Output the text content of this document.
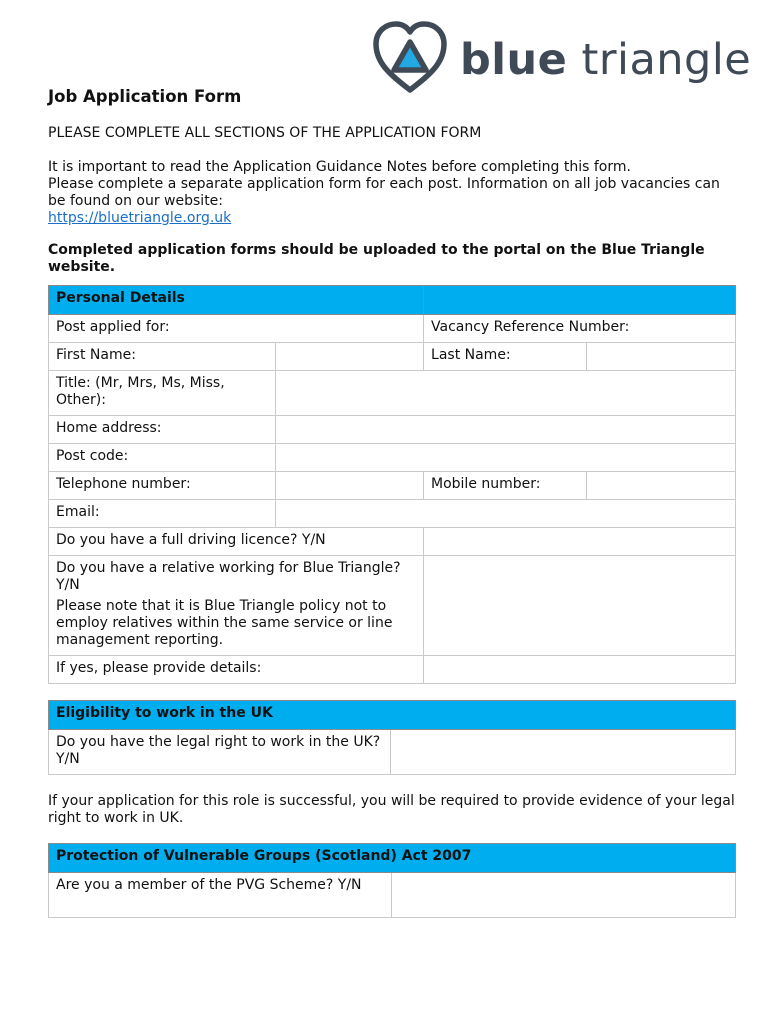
blue triangle
Job Application Form

PLEASE COMPLETE ALL SECTIONS OF THE APPLICATION FORM

It is important to read the Application Guidance Notes before completing this form.
Please complete a separate application form for each post. Information on all job vacancies can be found on our website:
https://bluetriangle.org.uk

Completed application forms should be uploaded to the portal on the Blue Triangle website.

Personal Details			
Post applied for:		Vacancy Reference Number:	
First Name:		Last Name:	
Title: (Mr, Mrs, Ms, Miss, Other):			
Home address:			
Post code:			
Telephone number:		Mobile number:	
Email:			
Do you have a full driving licence? Y/N			

Do you have a relative working for Blue Triangle? Y/N
Please note that it is Blue Triangle policy not to employ relatives within the same service or line management reporting.			

If yes, please provide details:			
Eligibility to work in the UK
Do you have the legal right to work in the UK? Y/N	

If your application for this role is successful, you will be required to provide evidence of your legal right to work in UK.

Protection of Vulnerable Groups (Scotland) Act 2007
Are you a member of the PVG Scheme? Y/N	
